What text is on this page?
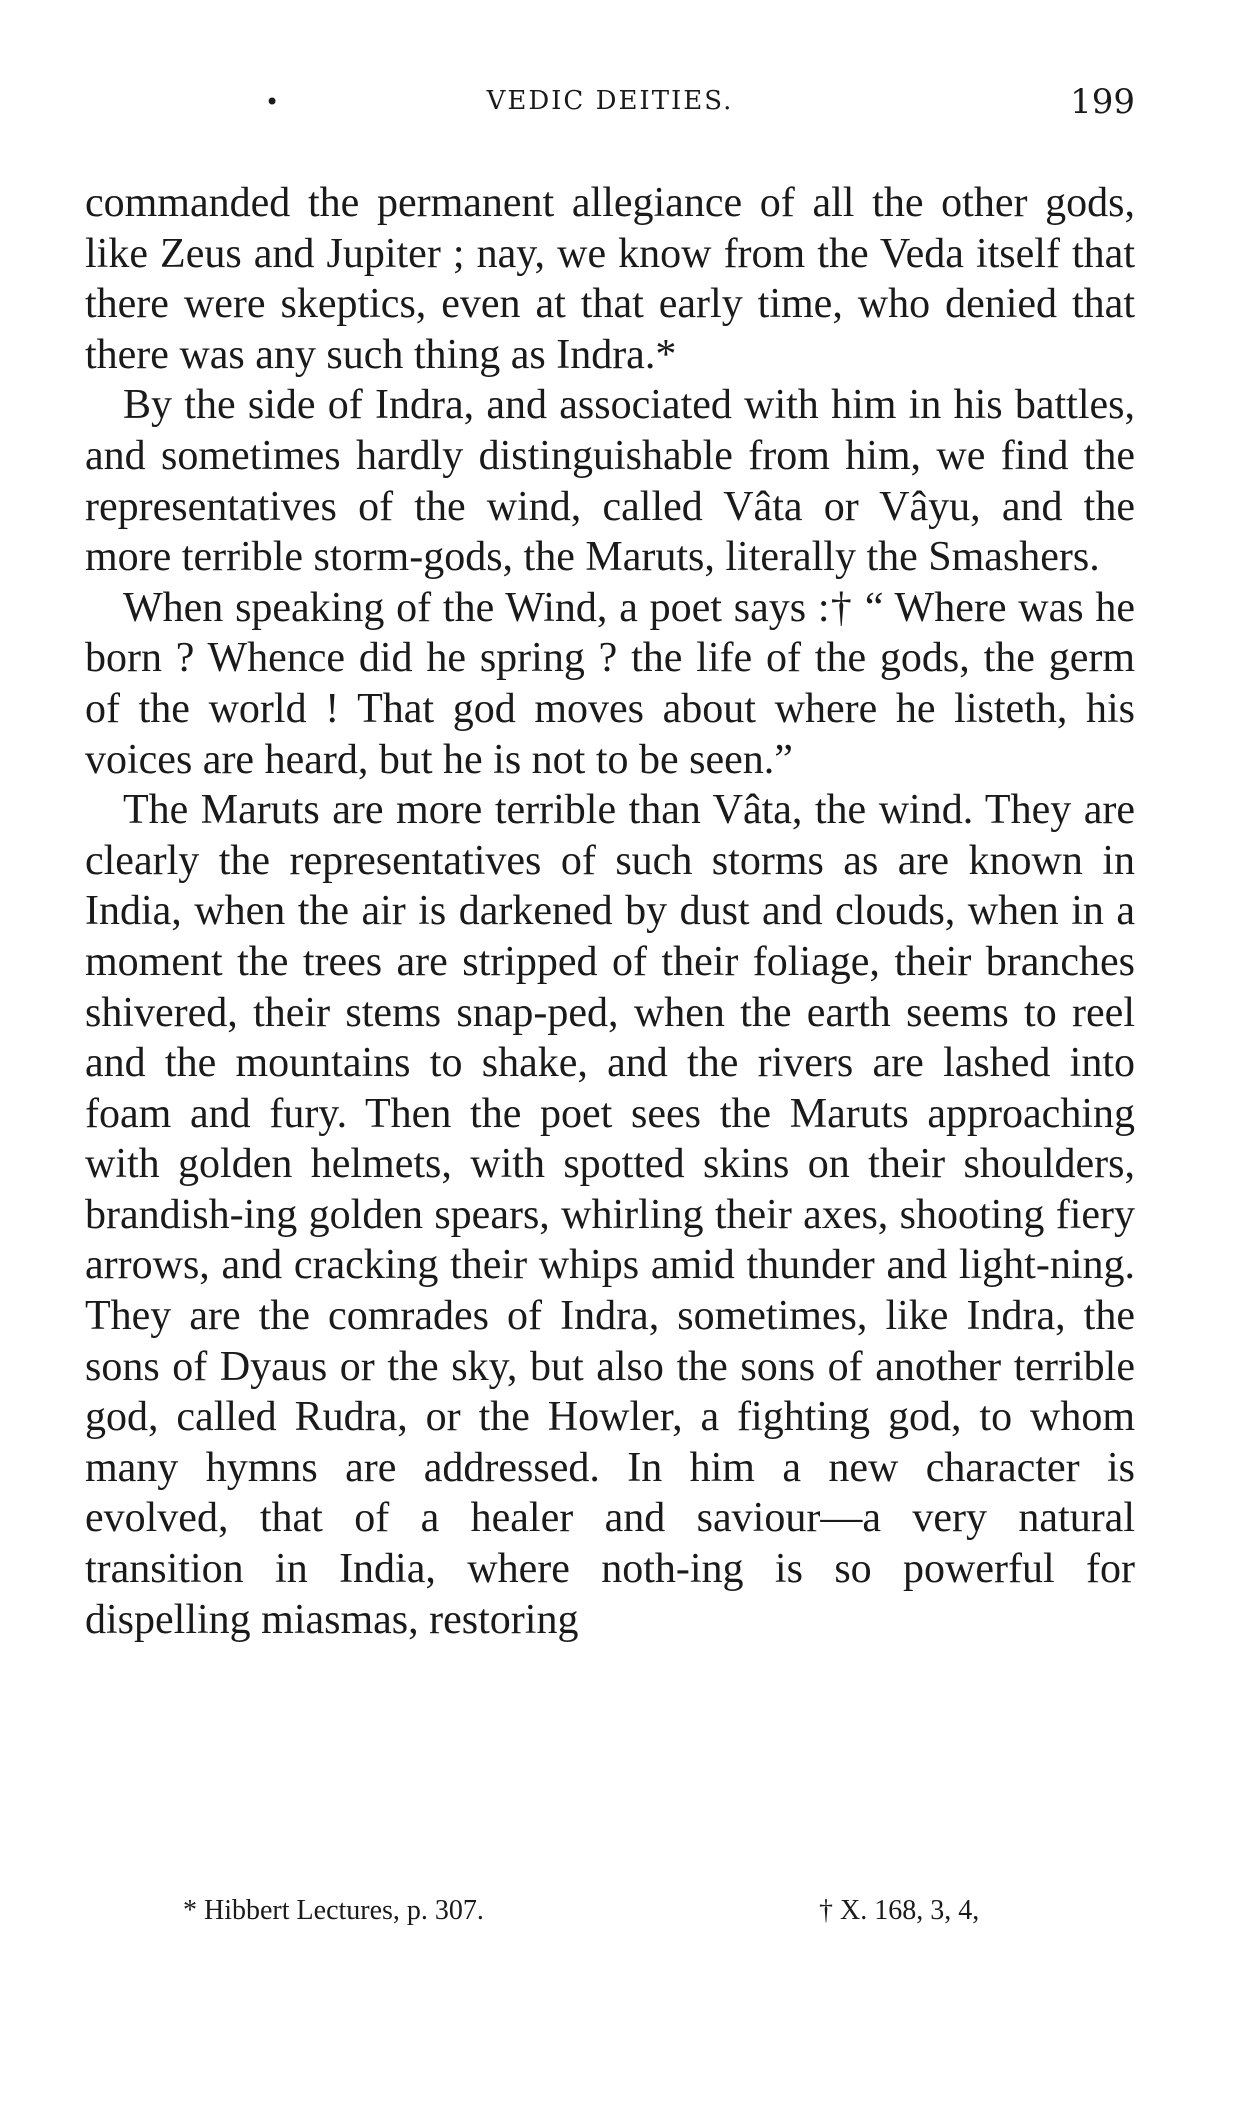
•	VEDIC DEITIES.	199

commanded the permanent allegiance of all the other gods, like Zeus and Jupiter ; nay, we know from the Veda itself that there were skeptics, even at that early time, who denied that there was any such thing as Indra.*

By the side of Indra, and associated with him in his battles, and sometimes hardly distinguishable from him, we find the representatives of the wind, called Vâta or Vâyu, and the more terrible storm-gods, the Maruts, literally the Smashers.

When speaking of the Wind, a poet says :† “ Where was he born ? Whence did he spring ? the life of the gods, the germ of the world ! That god moves about where he listeth, his voices are heard, but he is not to be seen.”

The Maruts are more terrible than Vâta, the wind. They are clearly the representatives of such storms as are known in India, when the air is darkened by dust and clouds, when in a moment the trees are stripped of their foliage, their branches shivered, their stems snap-ped, when the earth seems to reel and the mountains to shake, and the rivers are lashed into foam and fury. Then the poet sees the Maruts approaching with golden helmets, with spotted skins on their shoulders, brandish-ing golden spears, whirling their axes, shooting fiery arrows, and cracking their whips amid thunder and light-ning. They are the comrades of Indra, sometimes, like Indra, the sons of Dyaus or the sky, but also the sons of another terrible god, called Rudra, or the Howler, a fighting god, to whom many hymns are addressed. In him a new character is evolved, that of a healer and saviour—a very natural transition in India, where noth-ing is so powerful for dispelling miasmas, restoring

* Hibbert Lectures, p. 307.	† X. 168, 3, 4,
